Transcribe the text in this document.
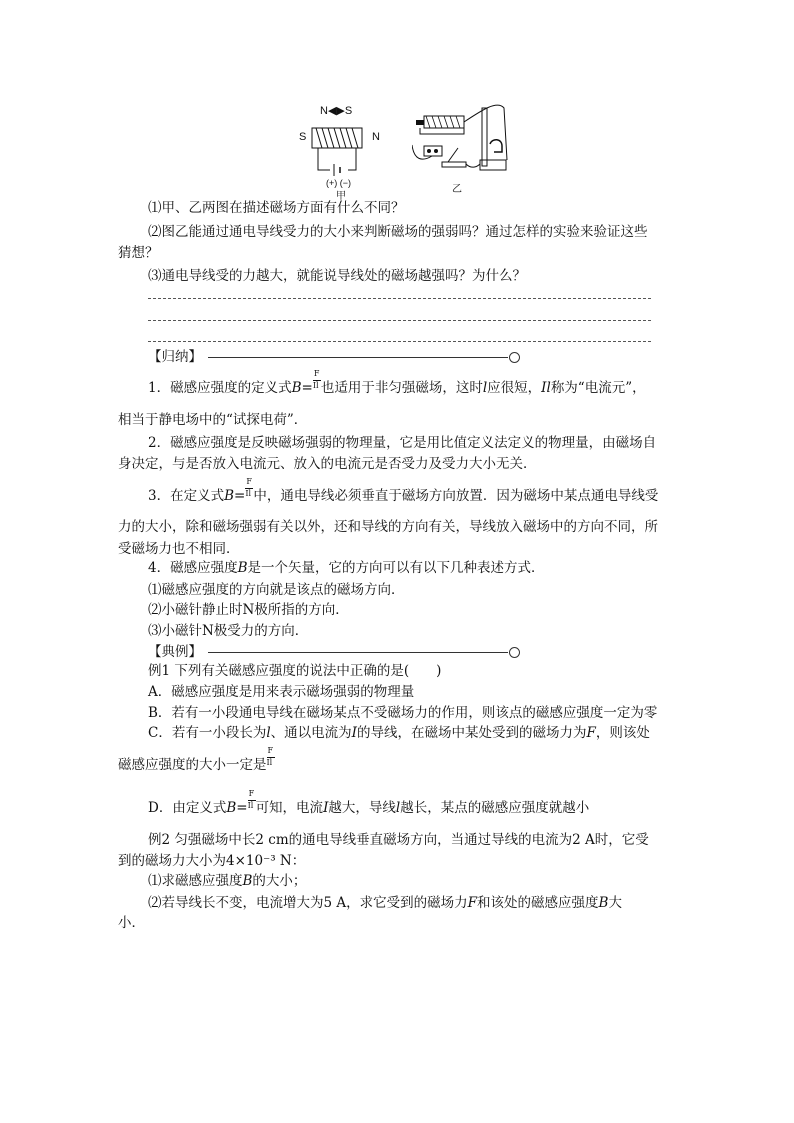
N◀▶S
S	N
(+) (−)
甲
乙
⑴甲、乙两图在描述磁场方面有什么不同？
⑵图乙能通过通电导线受力的大小来判断磁场的强弱吗？通过怎样的实验来验证这些
猜想？
⑶通电导线受的力越大，就能说导线处的磁场越强吗？为什么？
【归纳】
1．磁感应强度的定义式$B= \frac{F}{Il}$ 也适用于非匀强磁场，这时l应很短，Il称为“电流元”，
相当于静电场中的“试探电荷”．
2．磁感应强度是反映磁场强弱的物理量，它是用比值定义法定义的物理量，由磁场自
身决定，与是否放入电流元、放入的电流元是否受力及受力大小无关．
3．在定义式$B= \frac{F}{Il}$ 中，通电导线必须垂直于磁场方向放置．因为磁场中某点通电导线受
力的大小，除和磁场强弱有关以外，还和导线的方向有关，导线放入磁场中的方向不同，所
受磁场力也不相同．
4．磁感应强度B是一个矢量，它的方向可以有以下几种表述方式．
⑴磁感应强度的方向就是该点的磁场方向．
⑵小磁针静止时N极所指的方向．
⑶小磁针N极受力的方向．
【典例】
例1 下列有关磁感应强度的说法中正确的是(　　)
A．磁感应强度是用来表示磁场强弱的物理量
B．若有一小段通电导线在磁场某点不受磁场力的作用，则该点的磁感应强度一定为零
C．若有一小段长为l、通以电流为I的导线，在磁场中某处受到的磁场力为F，则该处
磁感应强度的大小一定是 $\frac{F}{Il}$
D．由定义式$B= \frac{F}{Il}$ 可知，电流I越大，导线l越长，某点的磁感应强度就越小
例2 匀强磁场中长2 cm的通电导线垂直磁场方向，当通过导线的电流为2 A时，它受
到的磁场力大小为4×10⁻³ N：
⑴求磁感应强度B的大小；
⑵若导线长不变，电流增大为5 A，求它受到的磁场力F和该处的磁感应强度B大
小．
